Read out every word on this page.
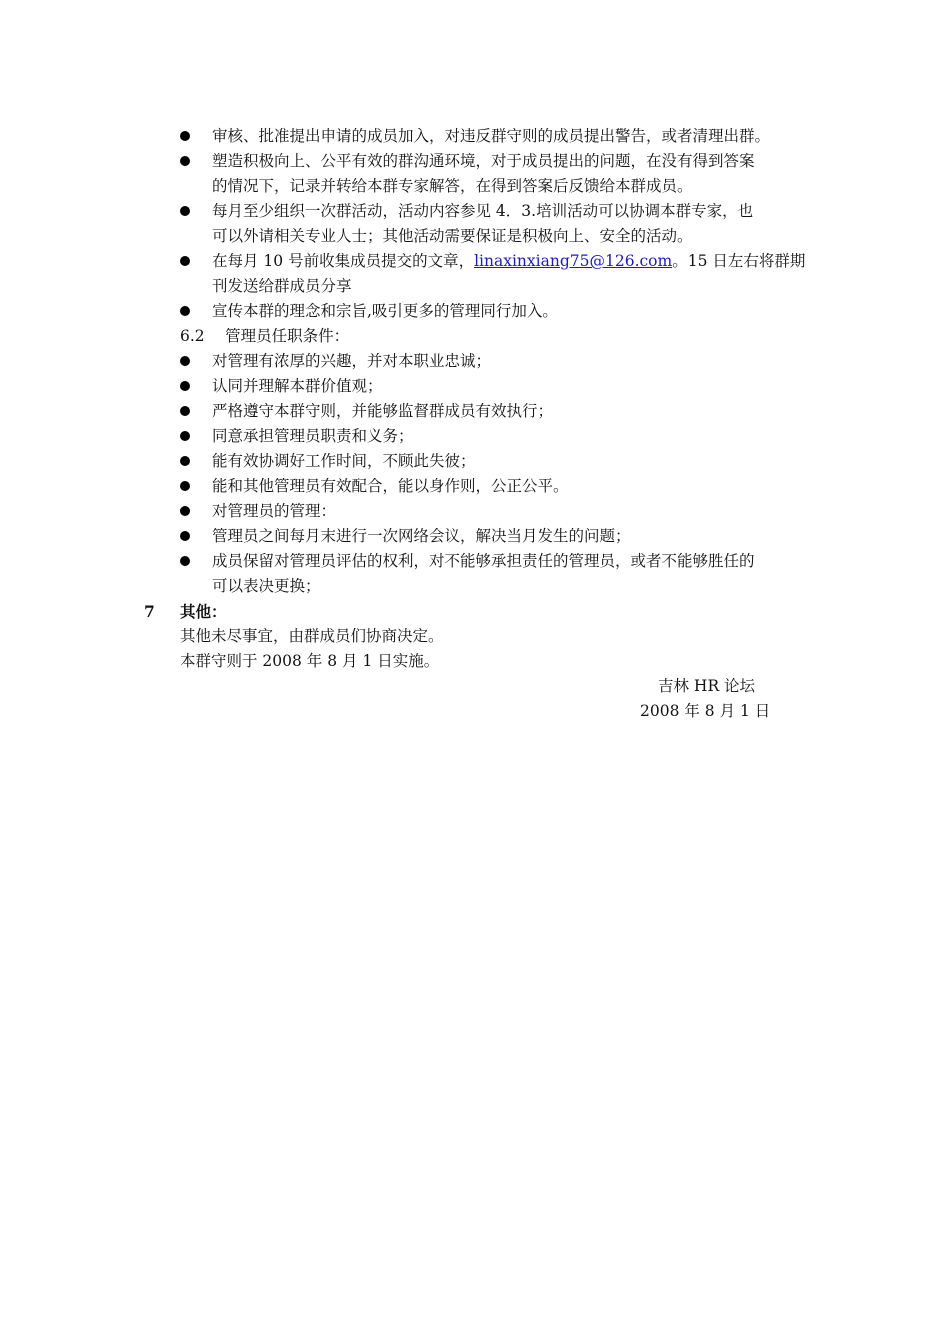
审核、批准提出申请的成员加入，对违反群守则的成员提出警告，或者清理出群。
塑造积极向上、公平有效的群沟通环境，对于成员提出的问题，在没有得到答案
的情况下，记录并转给本群专家解答，在得到答案后反馈给本群成员。
每月至少组织一次群活动，活动内容参见 4．3.培训活动可以协调本群专家，也
可以外请相关专业人士；其他活动需要保证是积极向上、安全的活动。
在每月 10 号前收集成员提交的文章，linaxinxiang75@126.com。15 日左右将群期
刊发送给群成员分享
宣传本群的理念和宗旨,吸引更多的管理同行加入。
6.2　 管理员任职条件：
对管理有浓厚的兴趣，并对本职业忠诚；
认同并理解本群价值观；
严格遵守本群守则，并能够监督群成员有效执行；
同意承担管理员职责和义务；
能有效协调好工作时间，不顾此失彼；
能和其他管理员有效配合，能以身作则，公正公平。
对管理员的管理：
管理员之间每月末进行一次网络会议，解决当月发生的问题；
成员保留对管理员评估的权利，对不能够承担责任的管理员，或者不能够胜任的
可以表决更换；
7 其他：
其他未尽事宜，由群成员们协商决定。
本群守则于 2008 年 8 月 1 日实施。
吉林 HR 论坛
2008 年 8 月 1 日
